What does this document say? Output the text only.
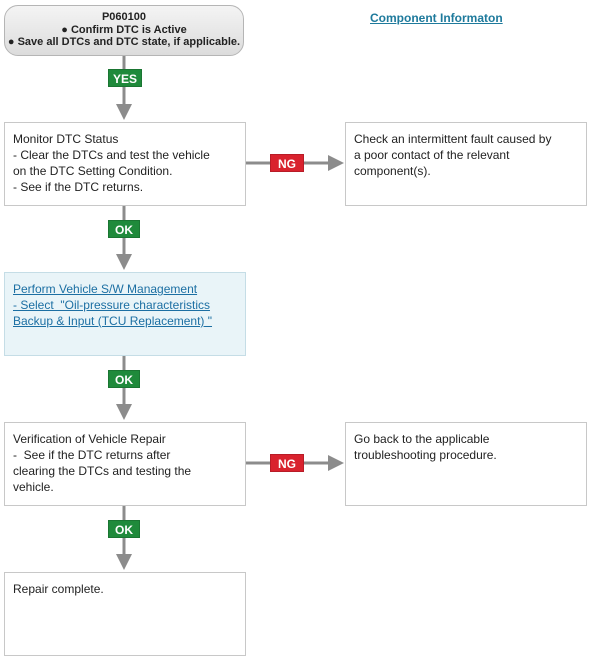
P060100
● Confirm DTC is Active
● Save all DTCs and DTC state, if applicable.
Component Informaton
YES
OK
OK
OK
NG
NG
Monitor DTC Status
- Clear the DTCs and test the vehicle
on the DTC Setting Condition.
- See if the DTC returns.
Check an intermittent fault caused by
a poor contact of the relevant
component(s).
Perform Vehicle S/W Management
- Select  "Oil-pressure characteristics
Backup & Input (TCU Replacement) "
Verification of Vehicle Repair
-  See if the DTC returns after
clearing the DTCs and testing the
vehicle.
Go back to the applicable
troubleshooting procedure.
Repair complete.
